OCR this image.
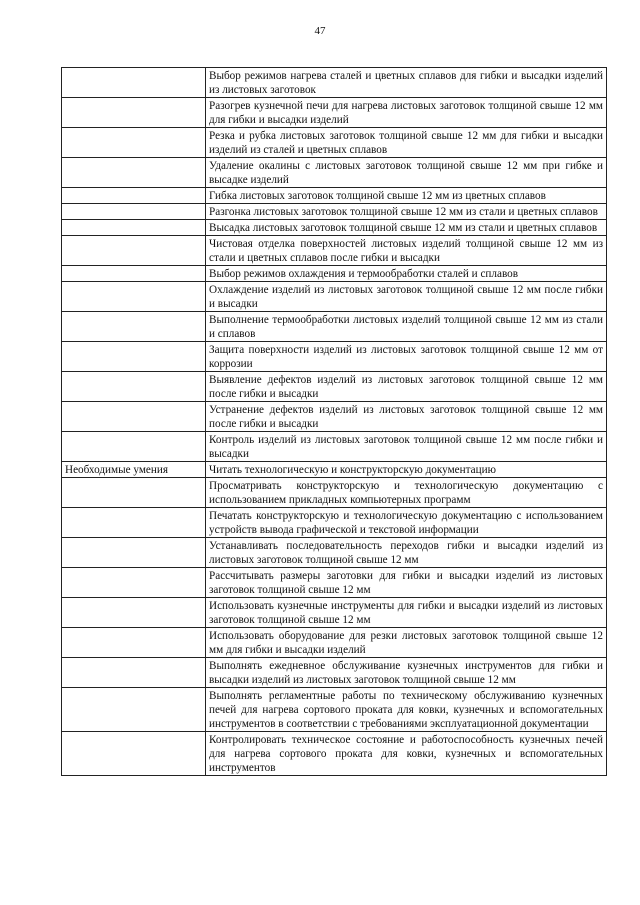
47
	Выбор режимов нагрева сталей и цветных сплавов для гибки и высадки изделий из листовых заготовок
	Разогрев кузнечной печи для нагрева листовых заготовок толщиной свыше 12 мм для гибки и высадки изделий
	Резка и рубка листовых заготовок толщиной свыше 12 мм для гибки и высадки изделий из сталей и цветных сплавов
	Удаление окалины с листовых заготовок толщиной свыше 12 мм при гибке и высадке изделий
	Гибка листовых заготовок толщиной свыше 12 мм из цветных сплавов
	Разгонка листовых заготовок толщиной свыше 12 мм из стали и цветных сплавов
	Высадка листовых заготовок толщиной свыше 12 мм из стали и цветных сплавов
	Чистовая отделка поверхностей листовых изделий толщиной свыше 12 мм из стали и цветных сплавов после гибки и высадки
	Выбор режимов охлаждения и термообработки сталей и сплавов
	Охлаждение изделий из листовых заготовок толщиной свыше 12 мм после гибки и высадки
	Выполнение термообработки листовых изделий толщиной свыше 12 мм из стали и сплавов
	Защита поверхности изделий из листовых заготовок толщиной свыше 12 мм от коррозии
	Выявление дефектов изделий из листовых заготовок толщиной свыше 12 мм после гибки и высадки
	Устранение дефектов изделий из листовых заготовок толщиной свыше 12 мм после гибки и высадки
	Контроль изделий из листовых заготовок толщиной свыше 12 мм после гибки и высадки
Необходимые умения	Читать технологическую и конструкторскую документацию
	Просматривать конструкторскую и технологическую документацию с использованием прикладных компьютерных программ
	Печатать конструкторскую и технологическую документацию с использованием устройств вывода графической и текстовой информации
	Устанавливать последовательность переходов гибки и высадки изделий из листовых заготовок толщиной свыше 12 мм
	Рассчитывать размеры заготовки для гибки и высадки изделий из листовых заготовок толщиной свыше 12 мм
	Использовать кузнечные инструменты для гибки и высадки изделий из листовых заготовок толщиной свыше 12 мм
	Использовать оборудование для резки листовых заготовок толщиной свыше 12 мм для гибки и высадки изделий
	Выполнять ежедневное обслуживание кузнечных инструментов для гибки и высадки изделий из листовых заготовок толщиной свыше 12 мм
	Выполнять регламентные работы по техническому обслуживанию кузнечных печей для нагрева сортового проката для ковки, кузнечных и вспомогательных инструментов в соответствии с требованиями эксплуатационной документации
	Контролировать техническое состояние и работоспособность кузнечных печей для нагрева сортового проката для ковки, кузнечных и вспомогательных инструментов
